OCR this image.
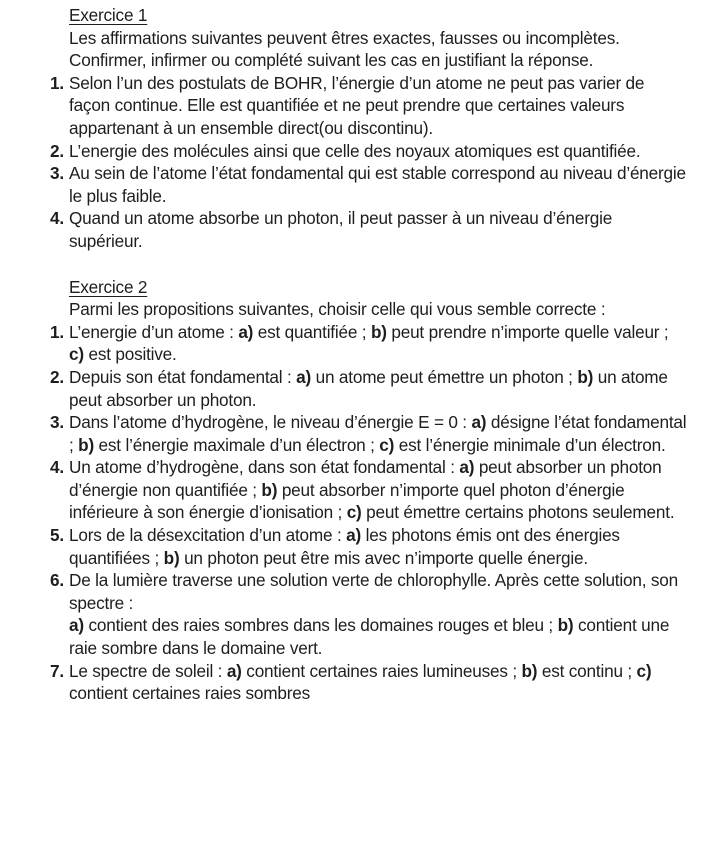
Exercice 1
Les affirmations suivantes peuvent êtres exactes, fausses ou incomplètes. Confirmer, infirmer ou complété suivant les cas en justifiant la réponse.
1. Selon l’un des postulats de BOHR, l’énergie d’un atome ne peut pas varier de façon continue. Elle est quantifiée et ne peut prendre que certaines valeurs appartenant à un ensemble direct(ou discontinu).
2. L’energie des molécules ainsi que celle des noyaux atomiques est quantifiée.
3. Au sein de l’atome l’état fondamental qui est stable correspond au niveau d’énergie le plus faible.
4. Quand un atome absorbe un photon, il peut passer à un niveau d’énergie supérieur.
Exercice 2
Parmi les propositions suivantes, choisir celle qui vous semble correcte :
1. L’energie d’un atome : a) est quantifiée ; b) peut prendre n’importe quelle valeur ; c) est positive.
2. Depuis son état fondamental : a) un atome peut émettre un photon ; b) un atome peut absorber un photon.
3. Dans l’atome d’hydrogène, le niveau d’énergie E = 0 : a) désigne l’état fondamental ; b) est l’énergie maximale d’un électron ; c) est l’énergie minimale d’un électron.
4. Un atome d’hydrogène, dans son état fondamental : a) peut absorber un photon d’énergie non quantifiée ; b) peut absorber n’importe quel photon d’énergie inférieure à son énergie d’ionisation ; c) peut émettre certains photons seulement.
5. Lors de la désexcitation d’un atome : a) les photons émis ont des énergies quantifiées ; b) un photon peut être mis avec n’importe quelle énergie.
6. De la lumière traverse une solution verte de chlorophylle. Après cette solution, son spectre :
a) contient des raies sombres dans les domaines rouges et bleu ; b) contient une raie sombre dans le domaine vert.
7. Le spectre de soleil : a) contient certaines raies lumineuses ; b) est continu ; c) contient certaines raies sombres
